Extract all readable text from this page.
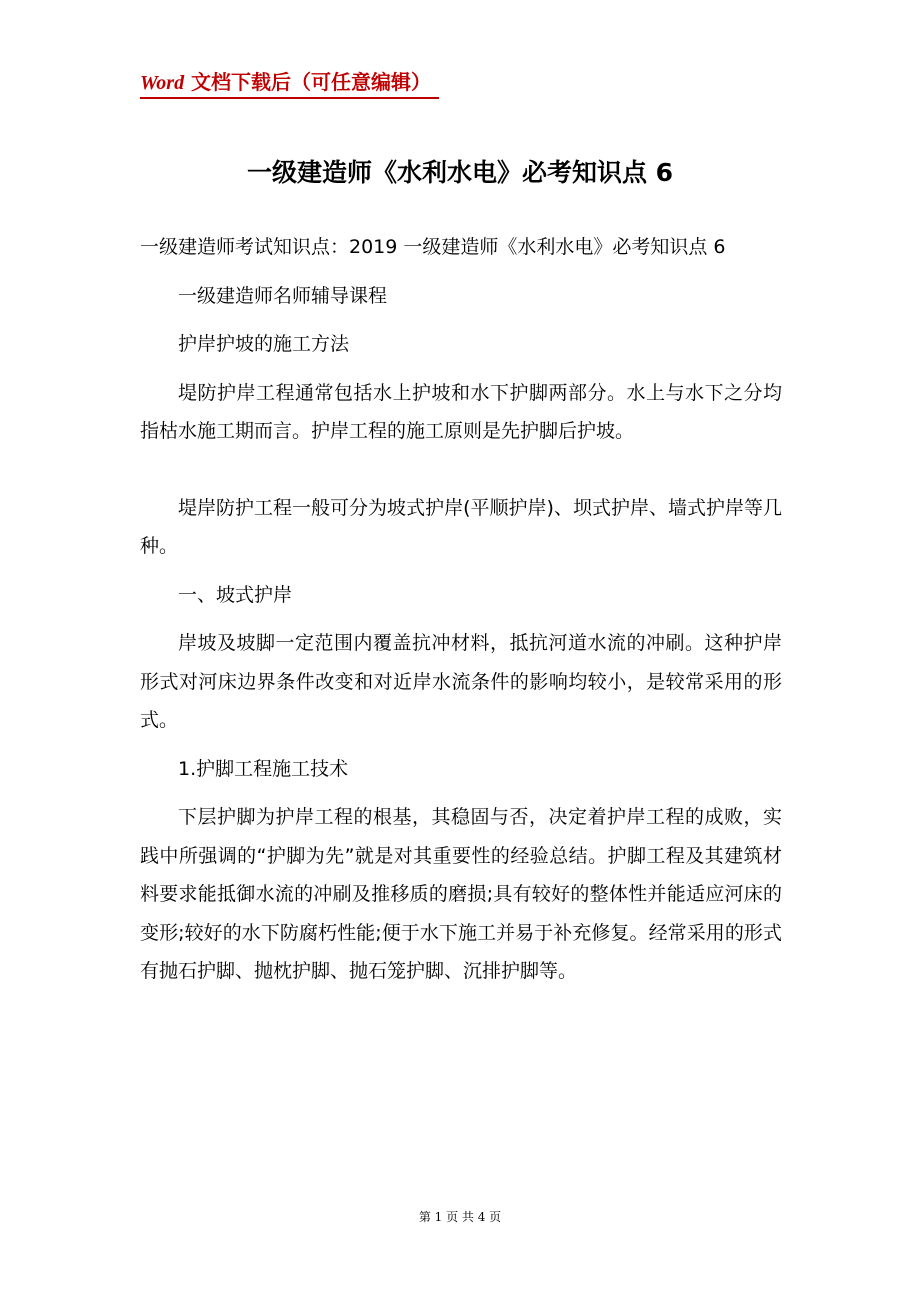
Word 文档下载后（可任意编辑）
一级建造师《水利水电》必考知识点 6

一级建造师考试知识点：2019 一级建造师《水利水电》必考知识点 6

一级建造师名师辅导课程

护岸护坡的施工方法

堤防护岸工程通常包括水上护坡和水下护脚两部分。水上与水下之分均指枯水施工期而言。护岸工程的施工原则是先护脚后护坡。

堤岸防护工程一般可分为坡式护岸(平顺护岸)、坝式护岸、墙式护岸等几种。

一、坡式护岸

岸坡及坡脚一定范围内覆盖抗冲材料，抵抗河道水流的冲刷。这种护岸形式对河床边界条件改变和对近岸水流条件的影响均较小，是较常采用的形式。

1.护脚工程施工技术

下层护脚为护岸工程的根基，其稳固与否，决定着护岸工程的成败，实践中所强调的“护脚为先”就是对其重要性的经验总结。护脚工程及其建筑材料要求能抵御水流的冲刷及推移质的磨损;具有较好的整体性并能适应河床的变形;较好的水下防腐朽性能;便于水下施工并易于补充修复。经常采用的形式有抛石护脚、抛枕护脚、抛石笼护脚、沉排护脚等。

第 1 页 共 4 页
